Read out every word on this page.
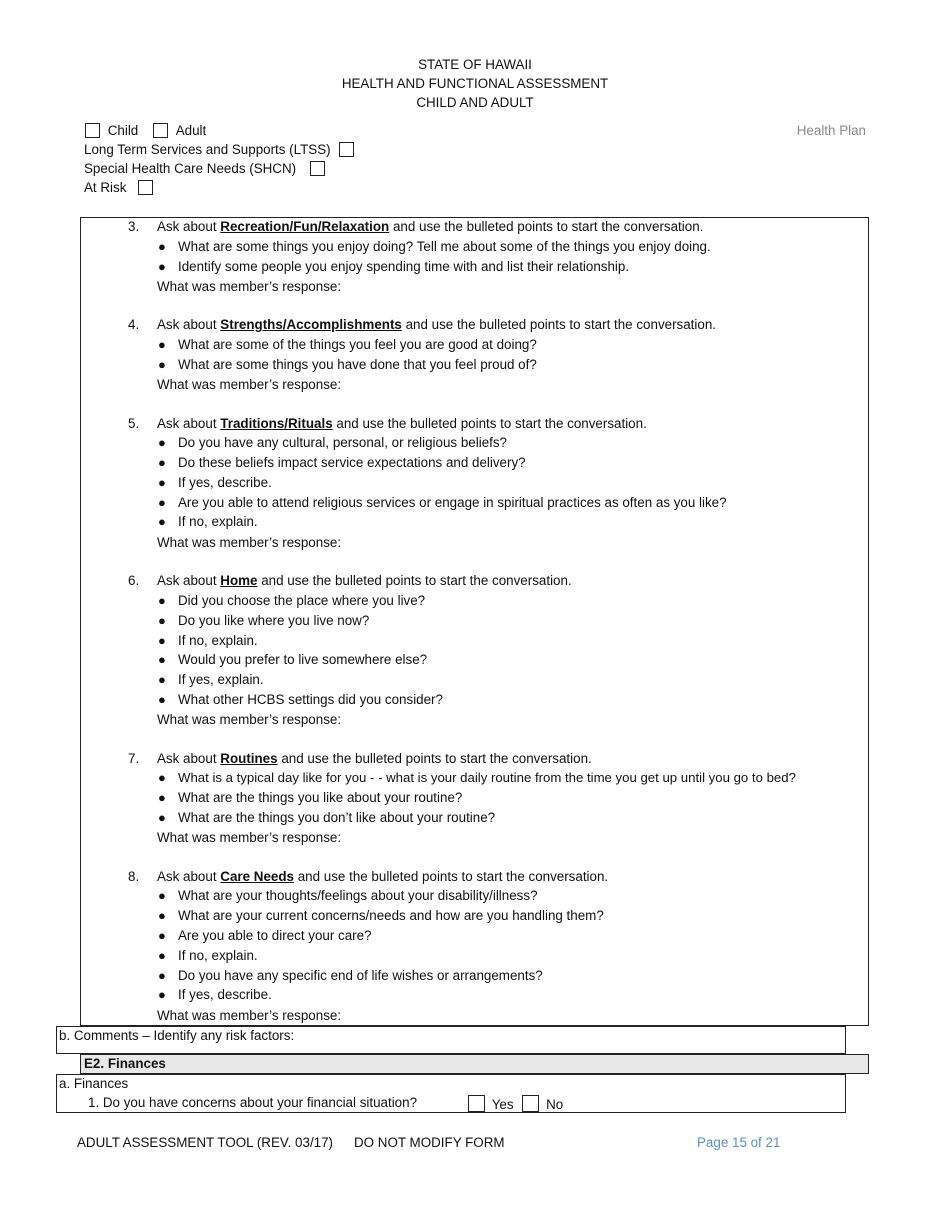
STATE OF HAWAII
HEALTH AND FUNCTIONAL ASSESSMENT
CHILD AND ADULT
Health Plan
Child	Adult
Long Term Services and Supports (LTSS)
Special Health Care Needs (SHCN)
At Risk
3. Ask about Recreation/Fun/Relaxation and use the bulleted points to start the conversation.
● What are some things you enjoy doing? Tell me about some of the things you enjoy doing.
● Identify some people you enjoy spending time with and list their relationship.
What was member’s response:
4. Ask about Strengths/Accomplishments and use the bulleted points to start the conversation.
● What are some of the things you feel you are good at doing?
● What are some things you have done that you feel proud of?
What was member’s response:
5. Ask about Traditions/Rituals and use the bulleted points to start the conversation.
● Do you have any cultural, personal, or religious beliefs?
● Do these beliefs impact service expectations and delivery?
● If yes, describe.
● Are you able to attend religious services or engage in spiritual practices as often as you like?
● If no, explain.
What was member’s response:
6. Ask about Home and use the bulleted points to start the conversation.
● Did you choose the place where you live?
● Do you like where you live now?
● If no, explain.
● Would you prefer to live somewhere else?
● If yes, explain.
● What other HCBS settings did you consider?
What was member’s response:
7. Ask about Routines and use the bulleted points to start the conversation.
● What is a typical day like for you - - what is your daily routine from the time you get up until you go to bed?
● What are the things you like about your routine?
● What are the things you don’t like about your routine?
What was member’s response:
8. Ask about Care Needs and use the bulleted points to start the conversation.
● What are your thoughts/feelings about your disability/illness?
● What are your current concerns/needs and how are you handling them?
● Are you able to direct your care?
● If no, explain.
● Do you have any specific end of life wishes or arrangements?
● If yes, describe.
What was member’s response:
b. Comments – Identify any risk factors:
E2. Finances
a. Finances
1. Do you have concerns about your financial situation?	Yes No
ADULT ASSESSMENT TOOL (REV. 03/17) DO NOT MODIFY FORM	Page 15 of 21
